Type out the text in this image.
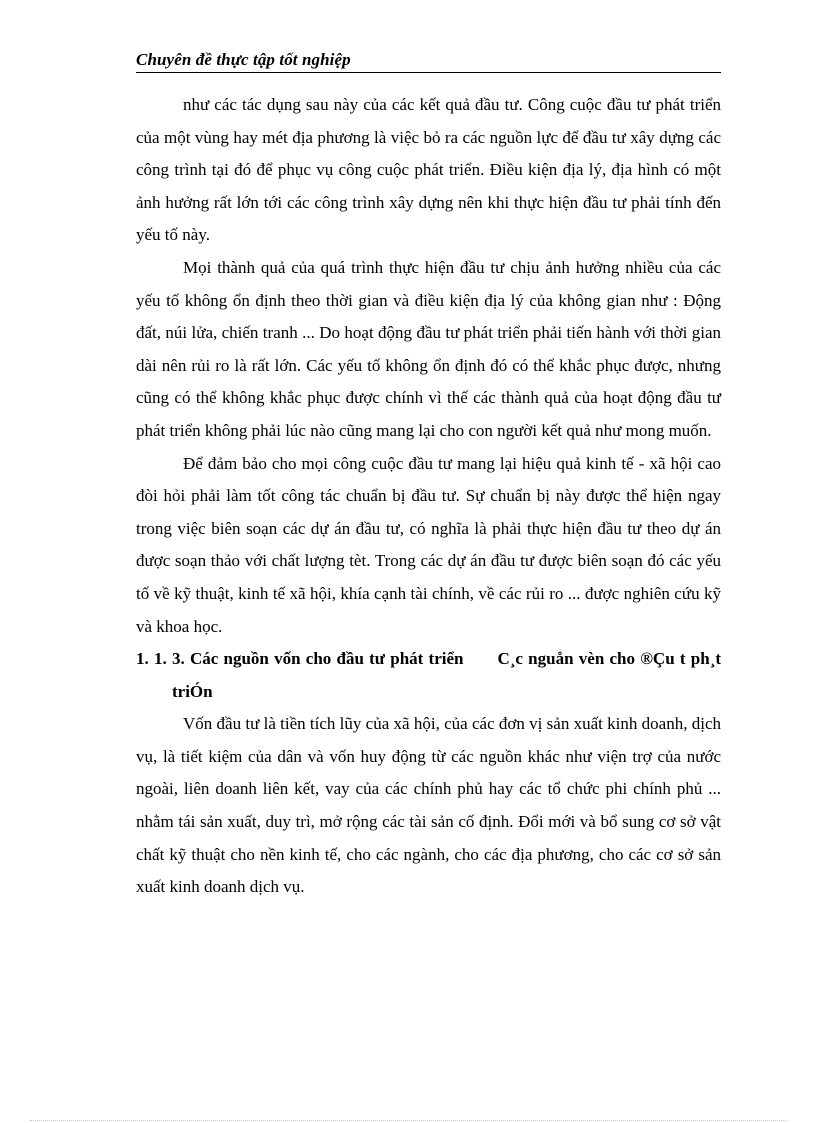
Chuyên đề thực tập tốt nghiệp

như các tác dụng sau này của các kết quả đầu tư. Công cuộc đầu tư phát triển của một vùng hay mét địa phương là việc bỏ ra các nguồn lực để đầu tư xây dựng các công trình tại đó để phục vụ công cuộc phát triển. Điều kiện địa lý, địa hình có một ảnh hưởng rất lớn tới các công trình xây dựng nên khi thực hiện đầu tư phải tính đến yếu tố này.

Mọi thành quả của quá trình thực hiện đầu tư chịu ảnh hưởng nhiều của các yếu tố không ổn định theo thời gian và điều kiện địa lý của không gian như : Động đất, núi lửa, chiến tranh ... Do hoạt động đầu tư phát triển phải tiến hành với thời gian dài nên rủi ro là rất lớn. Các yếu tố không ổn định đó có thể khắc phục được, nhưng cũng có thể không khắc phục được chính vì thế các thành quả của hoạt động đầu tư phát triển không phải lúc nào cũng mang lại cho con người kết quả như mong muốn.

Để đảm bảo cho mọi công cuộc đầu tư mang lại hiệu quả kinh tế - xã hội cao đòi hỏi phải làm tốt công tác chuẩn bị đầu tư. Sự chuẩn bị này được thể hiện ngay trong việc biên soạn các dự án đầu tư, có nghĩa là phải thực hiện đầu tư theo dự án được soạn thảo với chất lượng tèt. Trong các dự án đầu tư được biên soạn đó các yếu tố về kỹ thuật, kinh tế xã hội, khía cạnh tài chính, về các rủi ro ... được nghiên cứu kỹ và khoa học.

1. 1. 3. Các nguồn vốn cho đầu tư phát triển C¸c nguån vèn cho ®Çu t ph¸t triÓn

Vốn đầu tư là tiền tích lũy của xã hội, của các đơn vị sản xuất kinh doanh, dịch vụ, là tiết kiệm của dân và vốn huy động từ các nguồn khác như viện trợ của nước ngoài, liên doanh liên kết, vay của các chính phủ hay các tổ chức phi chính phủ ... nhằm tái sản xuất, duy trì, mở rộng các tài sản cố định. Đổi mới và bổ sung cơ sở vật chất kỹ thuật cho nền kinh tế, cho các ngành, cho các địa phương, cho các cơ sở sản xuất kinh doanh dịch vụ.
